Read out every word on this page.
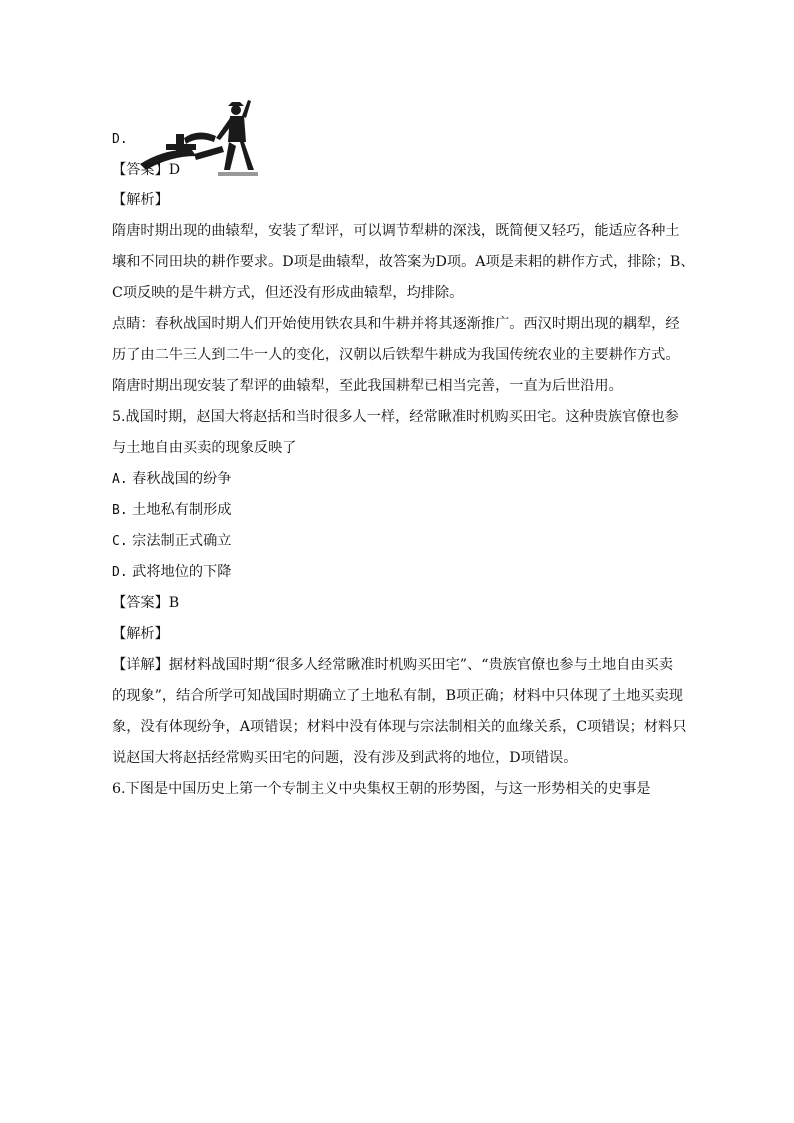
D.
【答案】D
【解析】
隋唐时期出现的曲辕犁，安装了犁评，可以调节犁耕的深浅，既简便又轻巧，能适应各种土
壤和不同田块的耕作要求。D项是曲辕犁，故答案为D项。A项是耒耜的耕作方式，排除；B、
C项反映的是牛耕方式，但还没有形成曲辕犁，均排除。
点睛：春秋战国时期人们开始使用铁农具和牛耕并将其逐渐推广。西汉时期出现的耦犁，经
历了由二牛三人到二牛一人的变化，汉朝以后铁犁牛耕成为我国传统农业的主要耕作方式。
隋唐时期出现安装了犁评的曲辕犁，至此我国耕犁已相当完善，一直为后世沿用。
5.战国时期，赵国大将赵括和当时很多人一样，经常瞅准时机购买田宅。这种贵族官僚也参
与土地自由买卖的现象反映了
A. 春秋战国的纷争
B. 土地私有制形成
C. 宗法制正式确立
D. 武将地位的下降
【答案】B
【解析】
【详解】据材料战国时期“很多人经常瞅准时机购买田宅”、“贵族官僚也参与土地自由买卖
的现象”，结合所学可知战国时期确立了土地私有制，B项正确；材料中只体现了土地买卖现
象，没有体现纷争，A项错误；材料中没有体现与宗法制相关的血缘关系，C项错误；材料只
说赵国大将赵括经常购买田宅的问题，没有涉及到武将的地位，D项错误。
6.下图是中国历史上第一个专制主义中央集权王朝的形势图，与这一形势相关的史事是
